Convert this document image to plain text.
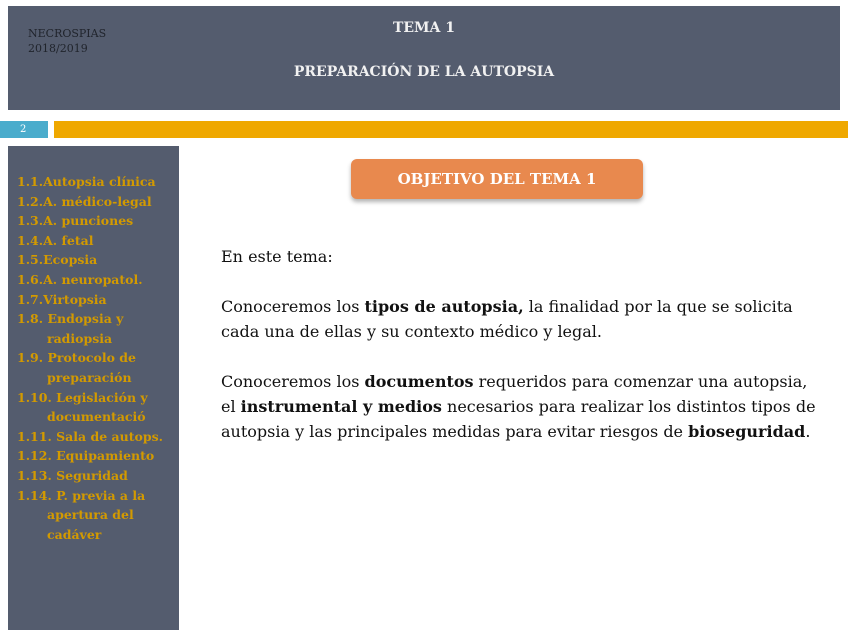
NECROSPIAS
2018/2019
TEMA 1
PREPARACIÓN DE LA AUTOPSIA
2
1.1.Autopsia clínica
1.2.A. médico-legal
1.3.A. punciones
1.4.A. fetal
1.5.Ecopsia
1.6.A. neuropatol.
1.7.Virtopsia
1.8. Endopsia y radiopsia
1.9. Protocolo de preparación
1.10. Legislación y documentació
1.11. Sala de autops.
1.12. Equipamiento
1.13. Seguridad
1.14. P. previa a la apertura del cadáver
OBJETIVO DEL TEMA 1

En este tema:

Conoceremos los tipos de autopsia, la finalidad por la que se solicita cada una de ellas y su contexto médico y legal.

Conoceremos los documentos requeridos para comenzar una autopsia, el instrumental y medios necesarios para realizar los distintos tipos de autopsia y las principales medidas para evitar riesgos de bioseguridad.
